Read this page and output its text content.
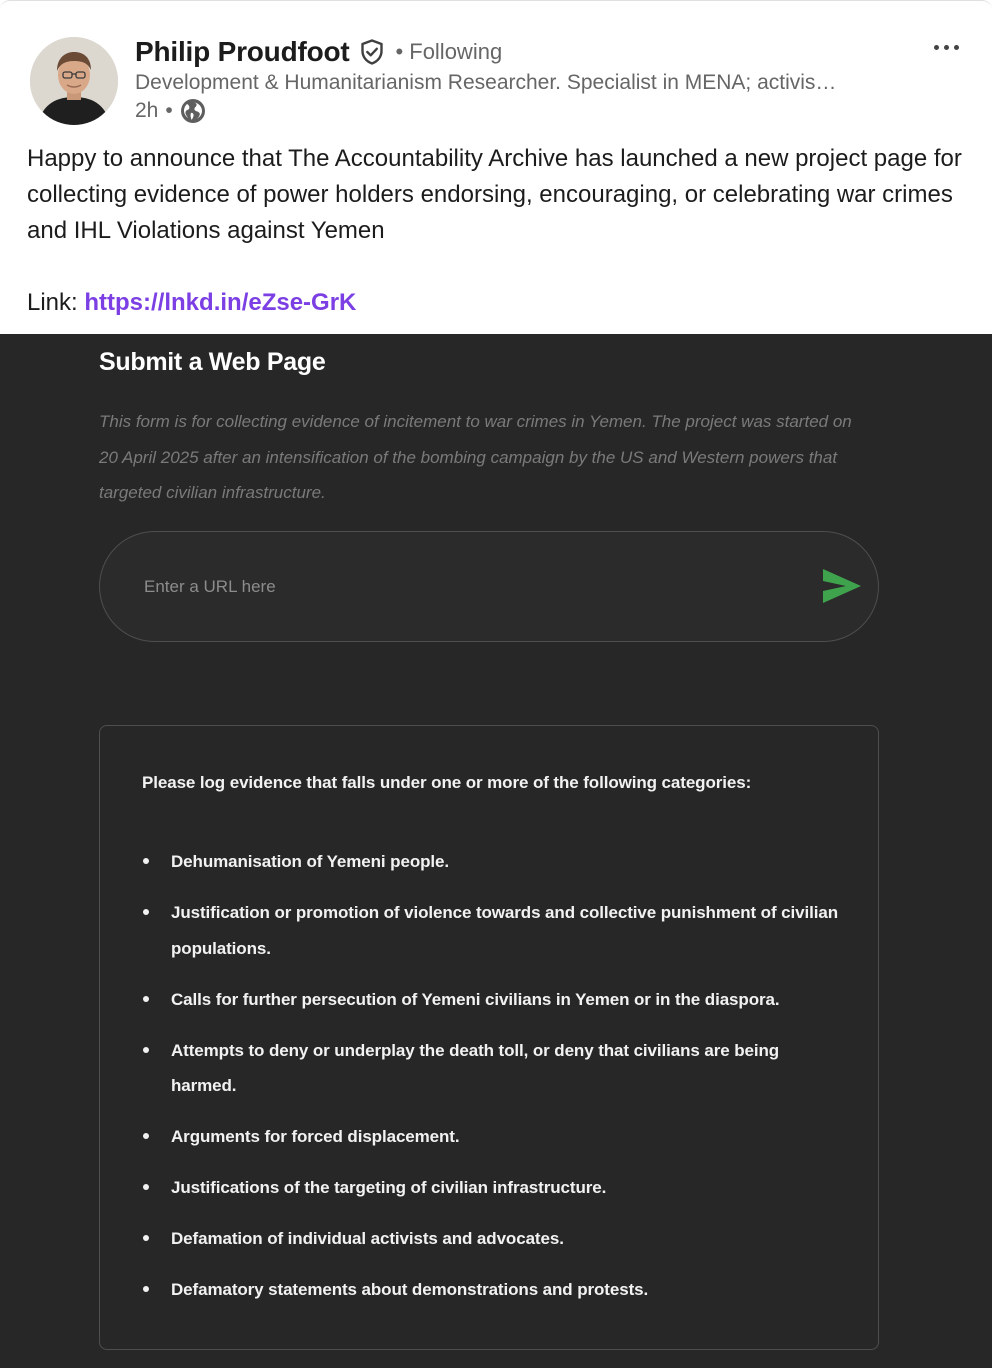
Philip Proudfoot • Following
Development & Humanitarianism Researcher. Specialist in MENA; activis…
2h •

Happy to announce that The Accountability Archive has launched a new project page for collecting evidence of power holders endorsing, encouraging, or celebrating war crimes and IHL Violations against Yemen

Link: https://lnkd.in/eZse-GrK

Submit a Web Page
This form is for collecting evidence of incitement to war crimes in Yemen. The project was started on 20 April 2025 after an intensification of the bombing campaign by the US and Western powers that targeted civilian infrastructure.
Enter a URL here
Please log evidence that falls under one or more of the following categories:
Dehumanisation of Yemeni people.
Justification or promotion of violence towards and collective punishment of civilian populations.
Calls for further persecution of Yemeni civilians in Yemen or in the diaspora.
Attempts to deny or underplay the death toll, or deny that civilians are being harmed.
Arguments for forced displacement.
Justifications of the targeting of civilian infrastructure.
Defamation of individual activists and advocates.
Defamatory statements about demonstrations and protests.
